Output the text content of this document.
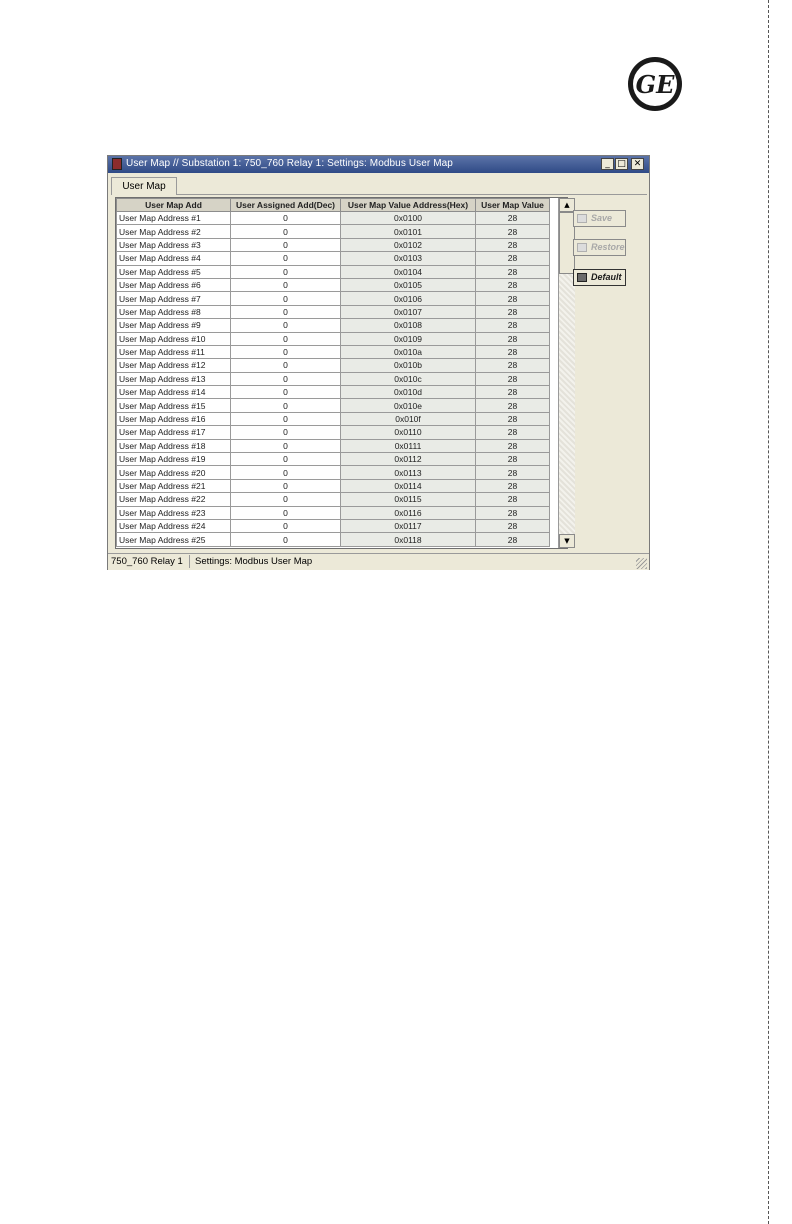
GE
User Map // Substation 1: 750_760 Relay 1: Settings: Modbus User Map	_ □ ✕
User Map
User Map Add	User Assigned Add(Dec)	User Map Value Address(Hex)	User Map Value
User Map Address #1	0	0x0100	28
User Map Address #2	0	0x0101	28
User Map Address #3	0	0x0102	28
User Map Address #4	0	0x0103	28
User Map Address #5	0	0x0104	28
User Map Address #6	0	0x0105	28
User Map Address #7	0	0x0106	28
User Map Address #8	0	0x0107	28
User Map Address #9	0	0x0108	28
User Map Address #10	0	0x0109	28
User Map Address #11	0	0x010a	28
User Map Address #12	0	0x010b	28
User Map Address #13	0	0x010c	28
User Map Address #14	0	0x010d	28
User Map Address #15	0	0x010e	28
User Map Address #16	0	0x010f	28
User Map Address #17	0	0x0110	28
User Map Address #18	0	0x0111	28
User Map Address #19	0	0x0112	28
User Map Address #20	0	0x0113	28
User Map Address #21	0	0x0114	28
User Map Address #22	0	0x0115	28
User Map Address #23	0	0x0116	28
User Map Address #24	0	0x0117	28
User Map Address #25	0	0x0118	28
▲
▼
Save
Restore
Default
750_760 Relay 1 Settings: Modbus User Map
